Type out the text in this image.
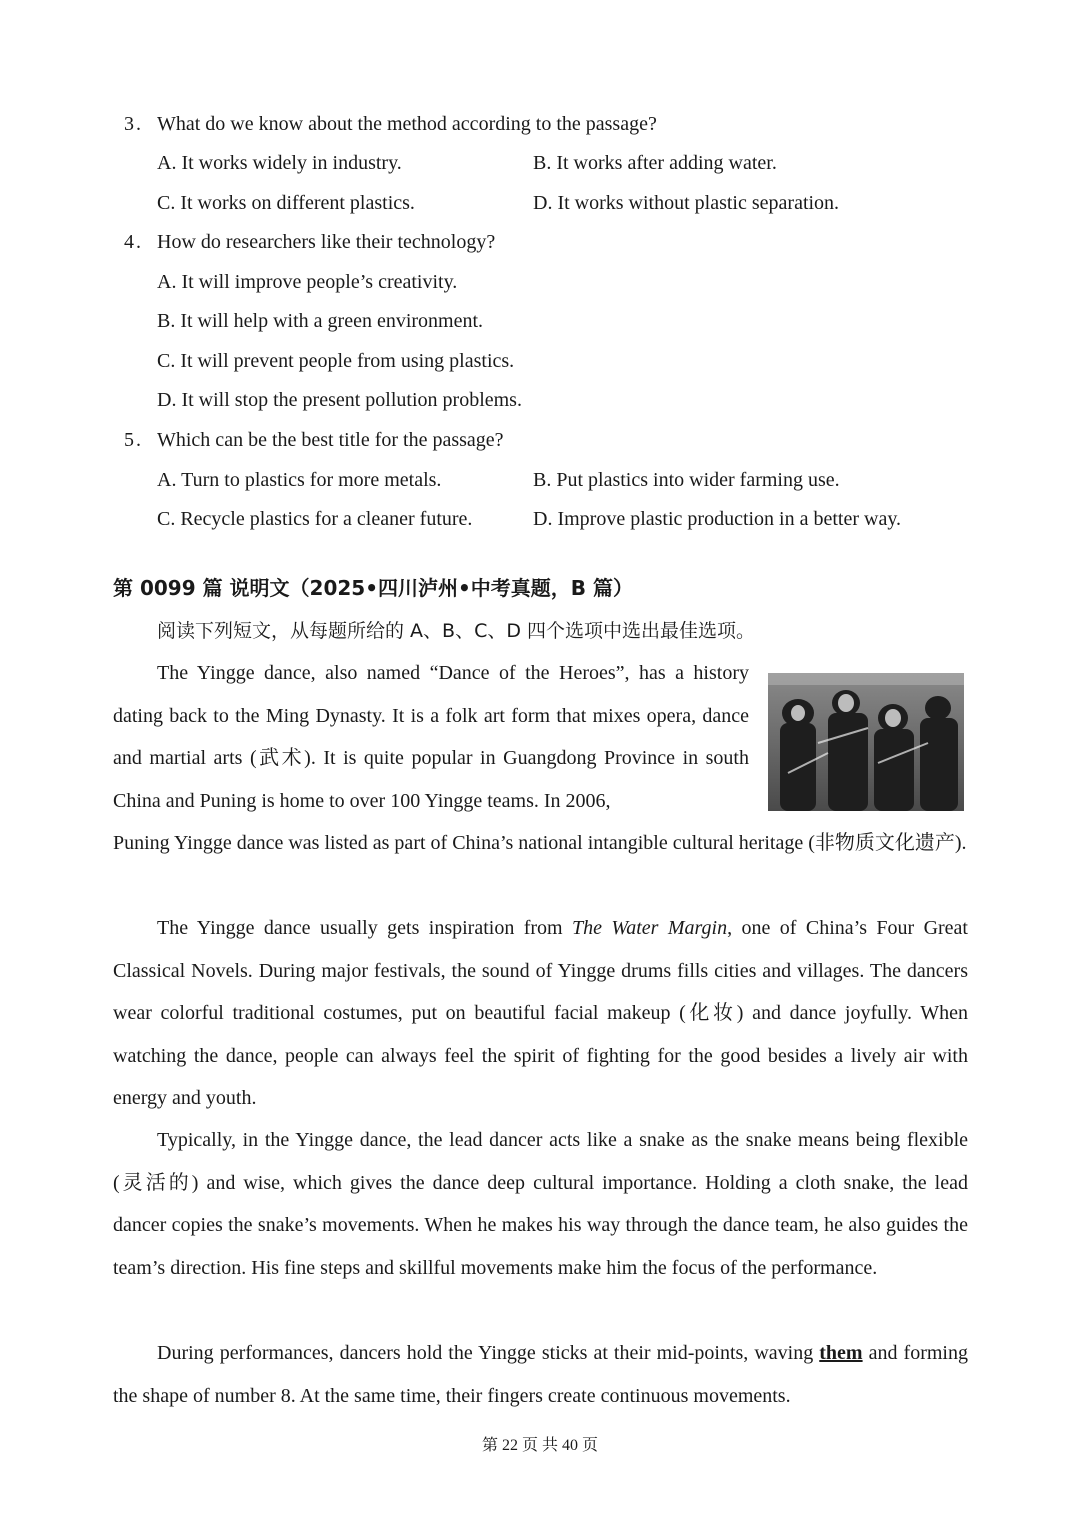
3 . What do we know about the method according to the passage?
A. It works widely in industry.	B. It works after adding water.
C. It works on different plastics.	D. It works without plastic separation.
4 . How do researchers like their technology?
A. It will improve people’s creativity.
B. It will help with a green environment.
C. It will prevent people from using plastics.
D. It will stop the present pollution problems.
5 . Which can be the best title for the passage?
A. Turn to plastics for more metals.	B. Put plastics into wider farming use.
C. Recycle plastics for a cleaner future.	D. Improve plastic production in a better way.
第 0099 篇 说明文（2025•四川泸州•中考真题，B 篇）
阅读下列短文，从每题所给的 A、B、C、D 四个选项中选出最佳选项。
The Yingge dance, also named “Dance of the Heroes”, has a history dating back to the Ming Dynasty. It is a folk art form that mixes opera, dance and martial arts (武术). It is quite popular in Guangdong Province in south China and Puning is home to over 100 Yingge teams. In 2006,
Puning Yingge dance was listed as part of China’s national intangible cultural heritage (非物质文化遗产).
The Yingge dance usually gets inspiration from The Water Margin, one of China’s Four Great Classical Novels. During major festivals, the sound of Yingge drums fills cities and villages. The dancers wear colorful traditional costumes, put on beautiful facial makeup (化妆) and dance joyfully. When watching the dance, people can always feel the spirit of fighting for the good besides a lively air with energy and youth.
Typically, in the Yingge dance, the lead dancer acts like a snake as the snake means being flexible (灵活的) and wise, which gives the dance deep cultural importance. Holding a cloth snake, the lead dancer copies the snake’s movements. When he makes his way through the dance team, he also guides the team’s direction. His fine steps and skillful movements make him the focus of the performance.
During performances, dancers hold the Yingge sticks at their mid-points, waving them and forming the shape of number 8. At the same time, their fingers create continuous movements.
第 22 页 共 40 页
